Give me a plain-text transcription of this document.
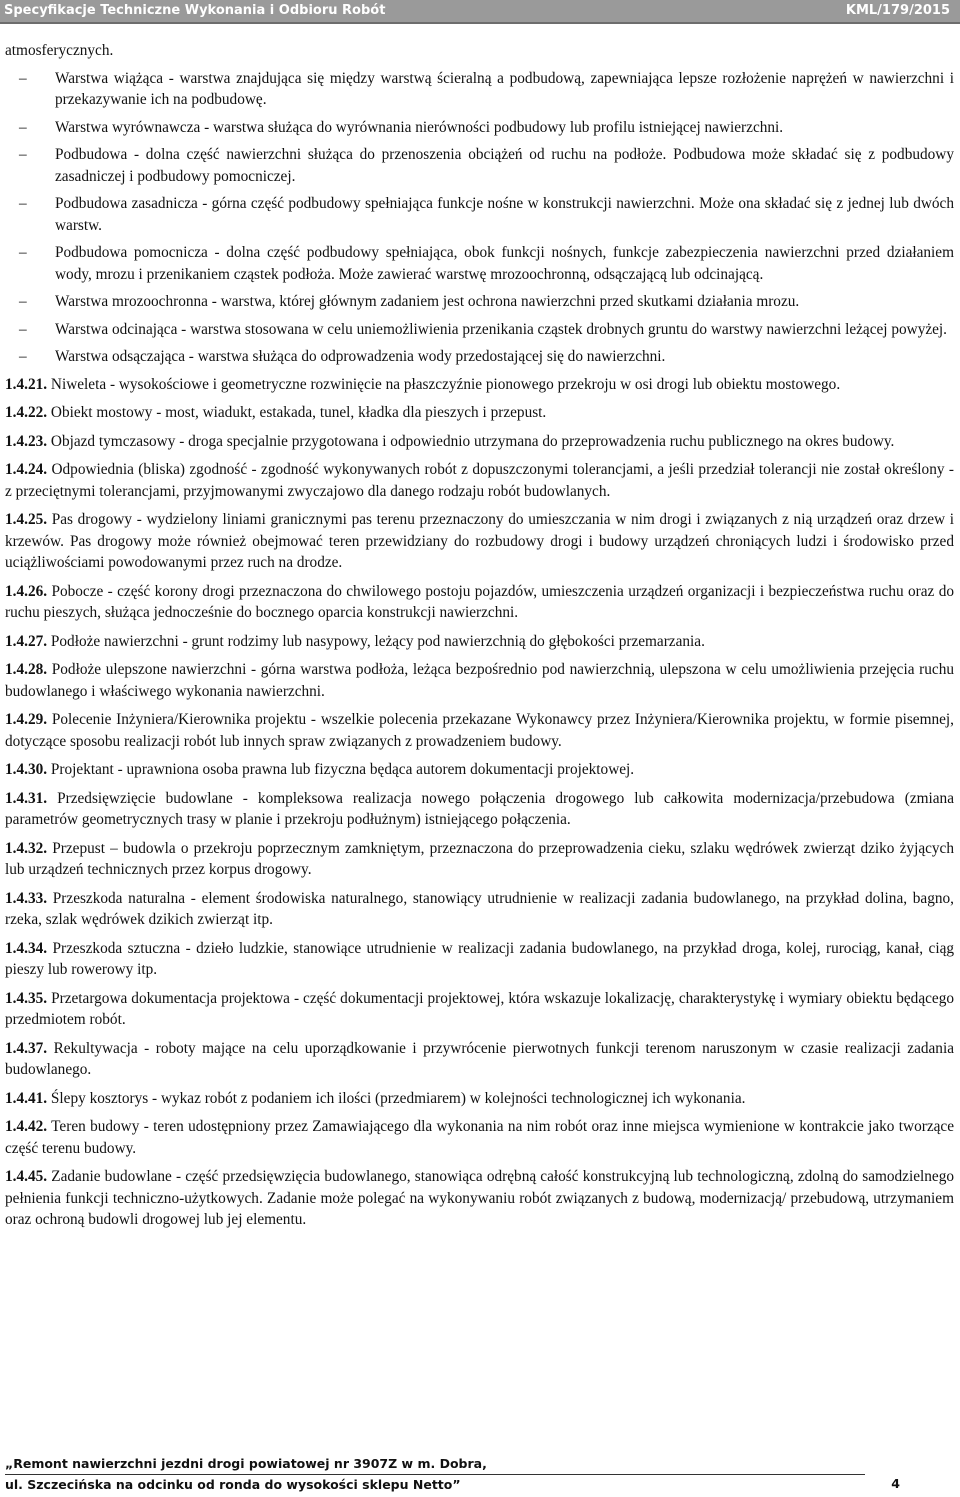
Specyfikacje Techniczne Wykonania i Odbioru Robót	KML/179/2015

atmosferycznych.

– Warstwa wiążąca - warstwa znajdująca się między warstwą ścieralną a podbudową, zapewniająca lepsze rozłożenie naprężeń w nawierzchni i przekazywanie ich na podbudowę.

– Warstwa wyrównawcza - warstwa służąca do wyrównania nierówności podbudowy lub profilu istniejącej nawierzchni.

– Podbudowa - dolna część nawierzchni służąca do przenoszenia obciążeń od ruchu na podłoże. Podbudowa może składać się z podbudowy zasadniczej i podbudowy pomocniczej.

– Podbudowa zasadnicza - górna część podbudowy spełniająca funkcje nośne w konstrukcji nawierzchni. Może ona składać się z jednej lub dwóch warstw.

– Podbudowa pomocnicza - dolna część podbudowy spełniająca, obok funkcji nośnych, funkcje zabezpieczenia nawierzchni przed działaniem wody, mrozu i przenikaniem cząstek podłoża. Może zawierać warstwę mrozoochronną, odsączającą lub odcinającą.

– Warstwa mrozoochronna - warstwa, której głównym zadaniem jest ochrona nawierzchni przed skutkami działania mrozu.

– Warstwa odcinająca - warstwa stosowana w celu uniemożliwienia przenikania cząstek drobnych gruntu do warstwy nawierzchni leżącej powyżej.

– Warstwa odsączająca - warstwa służąca do odprowadzenia wody przedostającej się do nawierzchni.

1.4.21. Niweleta - wysokościowe i geometryczne rozwinięcie na płaszczyźnie pionowego przekroju w osi drogi lub obiektu mostowego.

1.4.22. Obiekt mostowy - most, wiadukt, estakada, tunel, kładka dla pieszych i przepust.

1.4.23. Objazd tymczasowy - droga specjalnie przygotowana i odpowiednio utrzymana do przeprowadzenia ruchu publicznego na okres budowy.

1.4.24. Odpowiednia (bliska) zgodność - zgodność wykonywanych robót z dopuszczonymi tolerancjami, a jeśli przedział tolerancji nie został określony - z przeciętnymi tolerancjami, przyjmowanymi zwyczajowo dla danego rodzaju robót budowlanych.

1.4.25. Pas drogowy - wydzielony liniami granicznymi pas terenu przeznaczony do umieszczania w nim drogi i związanych z nią urządzeń oraz drzew i krzewów. Pas drogowy może również obejmować teren przewidziany do rozbudowy drogi i budowy urządzeń chroniących ludzi i środowisko przed uciążliwościami powodowanymi przez ruch na drodze.

1.4.26. Pobocze - część korony drogi przeznaczona do chwilowego postoju pojazdów, umieszczenia urządzeń organizacji i bezpieczeństwa ruchu oraz do ruchu pieszych, służąca jednocześnie do bocznego oparcia konstrukcji nawierzchni.

1.4.27. Podłoże nawierzchni - grunt rodzimy lub nasypowy, leżący pod nawierzchnią do głębokości przemarzania.

1.4.28. Podłoże ulepszone nawierzchni - górna warstwa podłoża, leżąca bezpośrednio pod nawierzchnią, ulepszona w celu umożliwienia przejęcia ruchu budowlanego i właściwego wykonania nawierzchni.

1.4.29. Polecenie Inżyniera/Kierownika projektu - wszelkie polecenia przekazane Wykonawcy przez Inżyniera/Kierownika projektu, w formie pisemnej, dotyczące sposobu realizacji robót lub innych spraw związanych z prowadzeniem budowy.

1.4.30. Projektant - uprawniona osoba prawna lub fizyczna będąca autorem dokumentacji projektowej.

1.4.31. Przedsięwzięcie budowlane - kompleksowa realizacja nowego połączenia drogowego lub całkowita modernizacja/przebudowa (zmiana parametrów geometrycznych trasy w planie i przekroju podłużnym) istniejącego połączenia.

1.4.32. Przepust – budowla o przekroju poprzecznym zamkniętym, przeznaczona do przeprowadzenia cieku, szlaku wędrówek zwierząt dziko żyjących lub urządzeń technicznych przez korpus drogowy.

1.4.33. Przeszkoda naturalna - element środowiska naturalnego, stanowiący utrudnienie w realizacji zadania budowlanego, na przykład dolina, bagno, rzeka, szlak wędrówek dzikich zwierząt itp.

1.4.34. Przeszkoda sztuczna - dzieło ludzkie, stanowiące utrudnienie w realizacji zadania budowlanego, na przykład droga, kolej, rurociąg, kanał, ciąg pieszy lub rowerowy itp.

1.4.35. Przetargowa dokumentacja projektowa - część dokumentacji projektowej, która wskazuje lokalizację, charakterystykę i wymiary obiektu będącego przedmiotem robót.

1.4.37. Rekultywacja - roboty mające na celu uporządkowanie i przywrócenie pierwotnych funkcji terenom naruszonym w czasie realizacji zadania budowlanego.

1.4.41. Ślepy kosztorys - wykaz robót z podaniem ich ilości (przedmiarem) w kolejności technologicznej ich wykonania.

1.4.42. Teren budowy - teren udostępniony przez Zamawiającego dla wykonania na nim robót oraz inne miejsca wymienione w kontrakcie jako tworzące część terenu budowy.

1.4.45. Zadanie budowlane - część przedsięwzięcia budowlanego, stanowiąca odrębną całość konstrukcyjną lub technologiczną, zdolną do samodzielnego pełnienia funkcji techniczno-użytkowych. Zadanie może polegać na wykonywaniu robót związanych z budową, modernizacją/ przebudową, utrzymaniem oraz ochroną budowli drogowej lub jej elementu.

„Remont nawierzchni jezdni drogi powiatowej nr 3907Z w m. Dobra,
ul. Szczecińska na odcinku od ronda do wysokości sklepu Netto”	4
